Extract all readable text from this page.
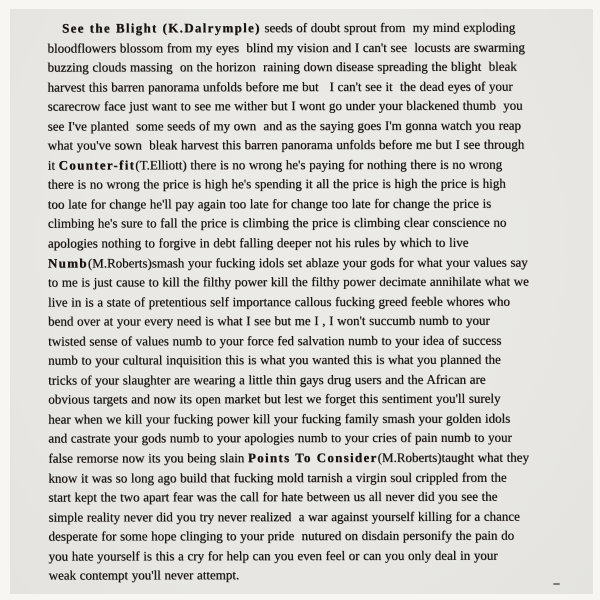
See the Blight (K.Dalrymple) seeds of doubt sprout from  my mind exploding
bloodflowers blossom from my eyes  blind my vision and I can't see  locusts are swarming
buzzing clouds massing  on the horizon  raining down disease spreading the blight  bleak
harvest this barren panorama unfolds before me but   I can't see it  the dead eyes of your
scarecrow face just want to see me wither but I wont go under your blackened thumb  you
see I've planted  some seeds of my own  and as the saying goes I'm gonna watch you reap
what you've sown  bleak harvest this barren panorama unfolds before me but I see through
it Counter-fit(T.Elliott) there is no wrong he's paying for nothing there is no wrong
there is no wrong the price is high he's spending it all the price is high the price is high
too late for change he'll pay again too late for change too late for change the price is
climbing he's sure to fall the price is climbing the price is climbing clear conscience no
apologies nothing to forgive in debt falling deeper not his rules by which to live
Numb(M.Roberts)smash your fucking idols set ablaze your gods for what your values say
to me is just cause to kill the filthy power kill the filthy power decimate annihilate what we
live in is a state of pretentious self importance callous fucking greed feeble whores who
bend over at your every need is what I see but me I , I won't succumb numb to your
twisted sense of values numb to your force fed salvation numb to your idea of success
numb to your cultural inquisition this is what you wanted this is what you planned the
tricks of your slaughter are wearing a little thin gays drug users and the African are
obvious targets and now its open market but lest we forget this sentiment you'll surely
hear when we kill your fucking power kill your fucking family smash your golden idols
and castrate your gods numb to your apologies numb to your cries of pain numb to your
false remorse now its you being slain Points To Consider(M.Roberts)taught what they
know it was so long ago build that fucking mold tarnish a virgin soul crippled from the
start kept the two apart fear was the call for hate between us all never did you see the
simple reality never did you try never realized  a war against yourself killing for a chance
desperate for some hope clinging to your pride  nutured on disdain personify the pain do
you hate yourself is this a cry for help can you even feel or can you only deal in your
weak contempt you'll never attempt.
